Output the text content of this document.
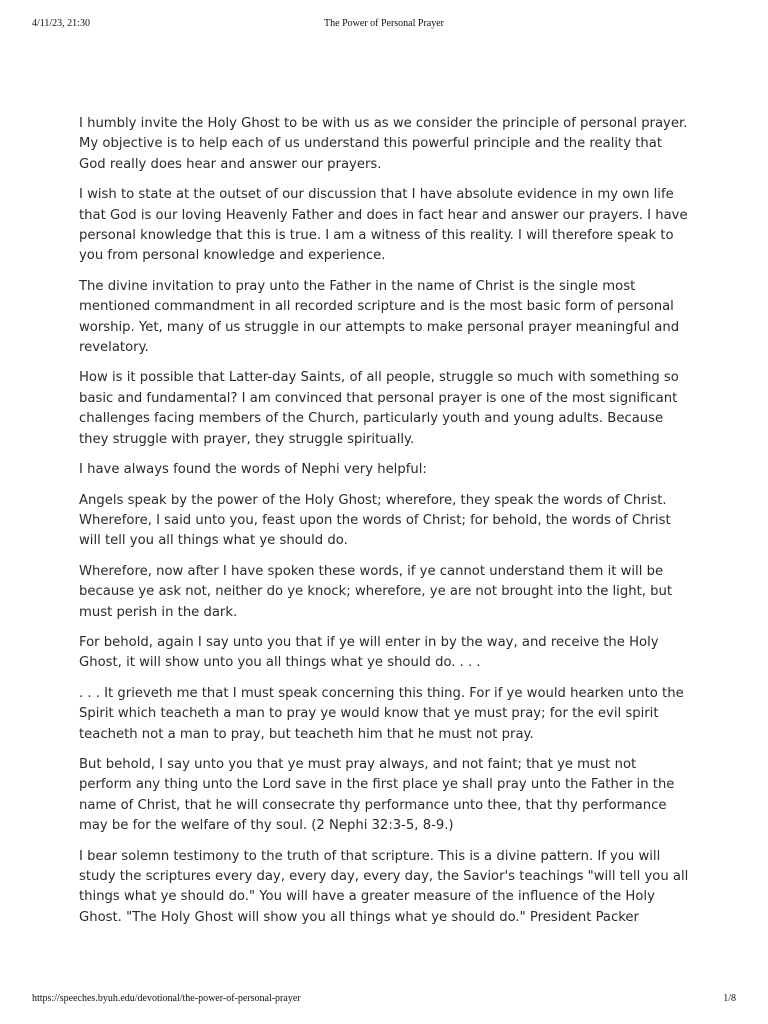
4/11/23, 21:30	The Power of Personal Prayer

I humbly invite the Holy Ghost to be with us as we consider the principle of personal prayer. My objective is to help each of us understand this powerful principle and the reality that God really does hear and answer our prayers.

I wish to state at the outset of our discussion that I have absolute evidence in my own life that God is our loving Heavenly Father and does in fact hear and answer our prayers. I have personal knowledge that this is true. I am a witness of this reality. I will therefore speak to you from personal knowledge and experience.

The divine invitation to pray unto the Father in the name of Christ is the single most mentioned commandment in all recorded scripture and is the most basic form of personal worship. Yet, many of us struggle in our attempts to make personal prayer meaningful and revelatory.

How is it possible that Latter-day Saints, of all people, struggle so much with something so basic and fundamental? I am convinced that personal prayer is one of the most significant challenges facing members of the Church, particularly youth and young adults. Because they struggle with prayer, they struggle spiritually.

I have always found the words of Nephi very helpful:

Angels speak by the power of the Holy Ghost; wherefore, they speak the words of Christ. Wherefore, I said unto you, feast upon the words of Christ; for behold, the words of Christ will tell you all things what ye should do.

Wherefore, now after I have spoken these words, if ye cannot understand them it will be because ye ask not, neither do ye knock; wherefore, ye are not brought into the light, but must perish in the dark.

For behold, again I say unto you that if ye will enter in by the way, and receive the Holy Ghost, it will show unto you all things what ye should do. . . .

. . . It grieveth me that I must speak concerning this thing. For if ye would hearken unto the Spirit which teacheth a man to pray ye would know that ye must pray; for the evil spirit teacheth not a man to pray, but teacheth him that he must not pray.

But behold, I say unto you that ye must pray always, and not faint; that ye must not perform any thing unto the Lord save in the first place ye shall pray unto the Father in the name of Christ, that he will consecrate thy performance unto thee, that thy performance may be for the welfare of thy soul. (2 Nephi 32:3-5, 8-9.)

I bear solemn testimony to the truth of that scripture. This is a divine pattern. If you will study the scriptures every day, every day, every day, the Savior's teachings "will tell you all things what ye should do." You will have a greater measure of the influence of the Holy Ghost. "The Holy Ghost will show you all things what ye should do." President Packer

https://speeches.byuh.edu/devotional/the-power-of-personal-prayer	1/8
